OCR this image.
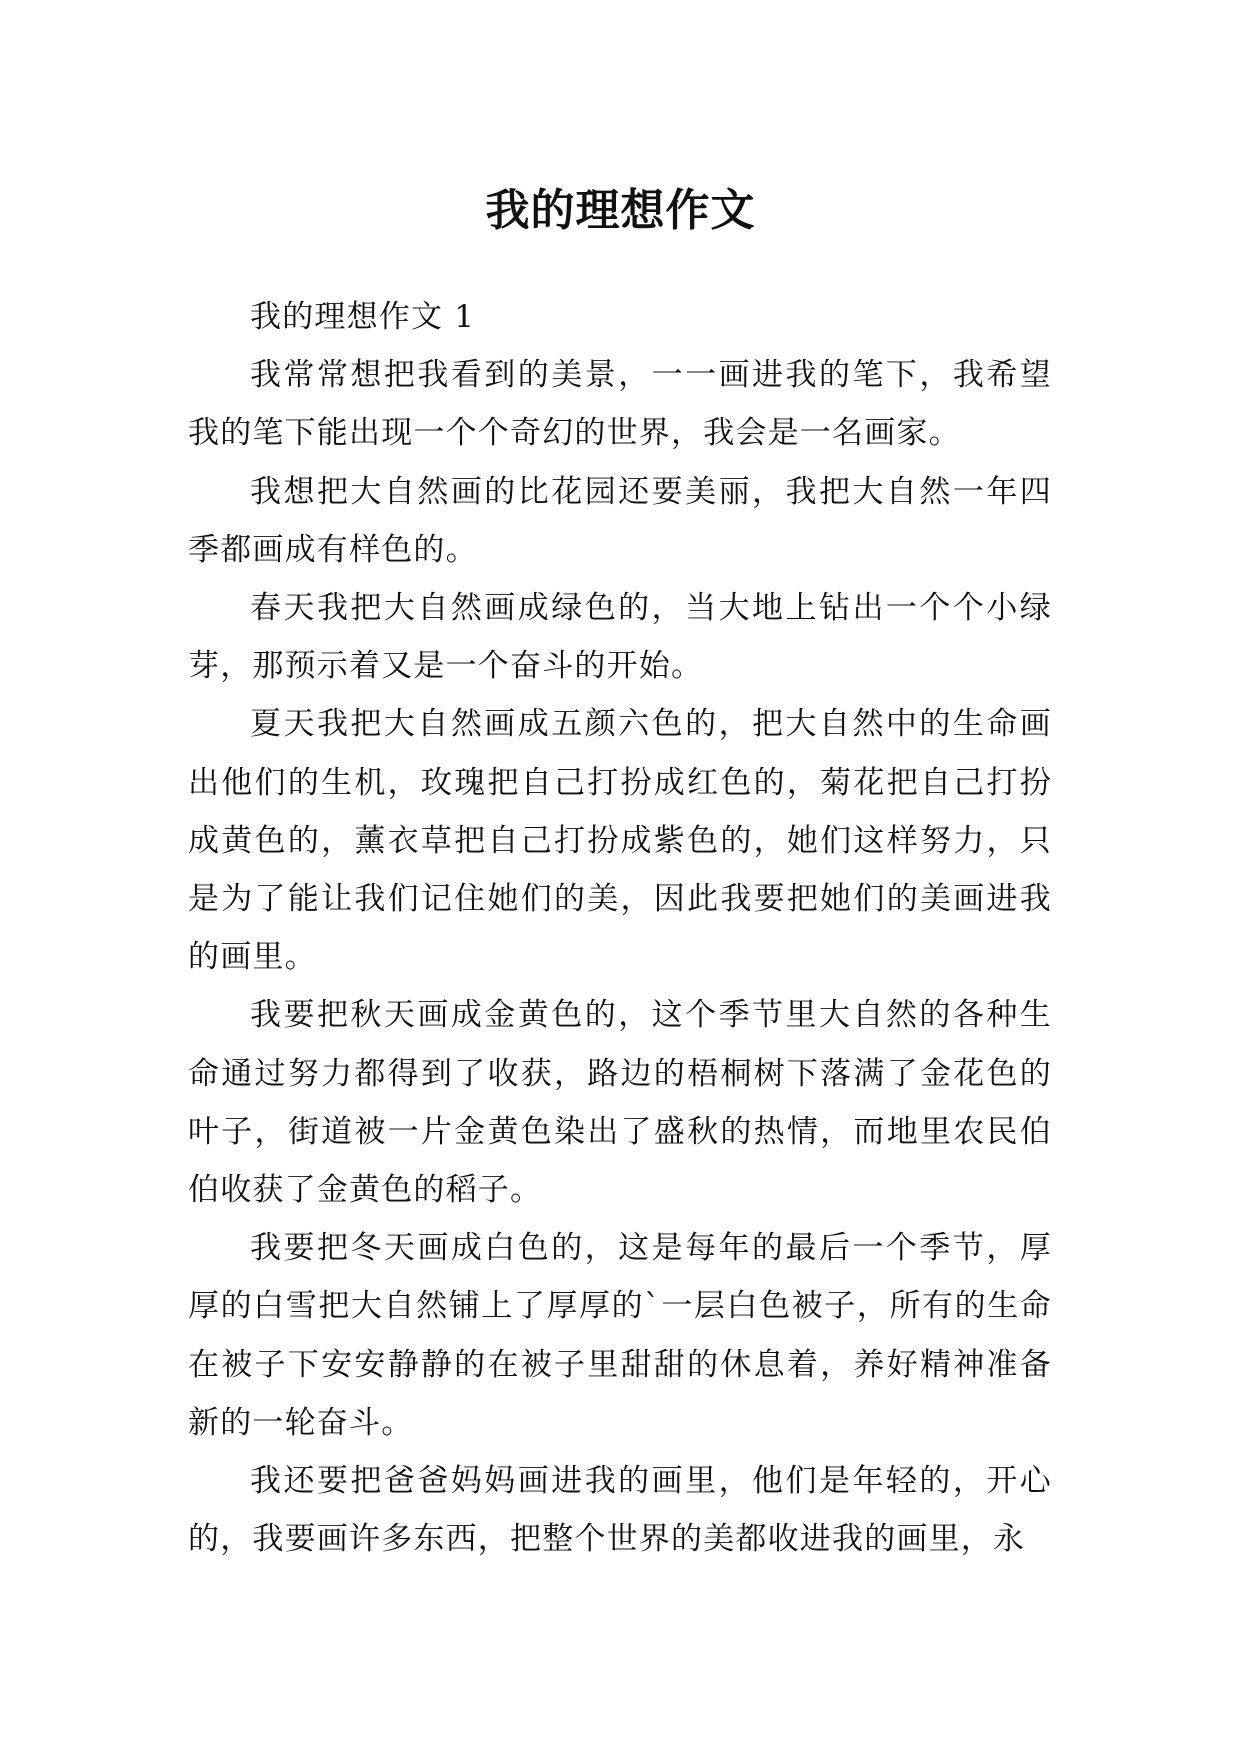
我的理想作文

我的理想作文 1

我常常想把我看到的美景，一一画进我的笔下，我希望我的笔下能出现一个个奇幻的世界，我会是一名画家。

我想把大自然画的比花园还要美丽，我把大自然一年四季都画成有样色的。

春天我把大自然画成绿色的，当大地上钻出一个个小绿芽，那预示着又是一个奋斗的开始。

夏天我把大自然画成五颜六色的，把大自然中的生命画出他们的生机，玫瑰把自己打扮成红色的，菊花把自己打扮成黄色的，薰衣草把自己打扮成紫色的，她们这样努力，只是为了能让我们记住她们的美，因此我要把她们的美画进我的画里。

我要把秋天画成金黄色的，这个季节里大自然的各种生命通过努力都得到了收获，路边的梧桐树下落满了金花色的叶子，街道被一片金黄色染出了盛秋的热情，而地里农民伯伯收获了金黄色的稻子。

我要把冬天画成白色的，这是每年的最后一个季节，厚厚的白雪把大自然铺上了厚厚的`一层白色被子，所有的生命在被子下安安静静的在被子里甜甜的休息着，养好精神准备新的一轮奋斗。

我还要把爸爸妈妈画进我的画里，他们是年轻的，开心的，我要画许多东西，把整个世界的美都收进我的画里，永
